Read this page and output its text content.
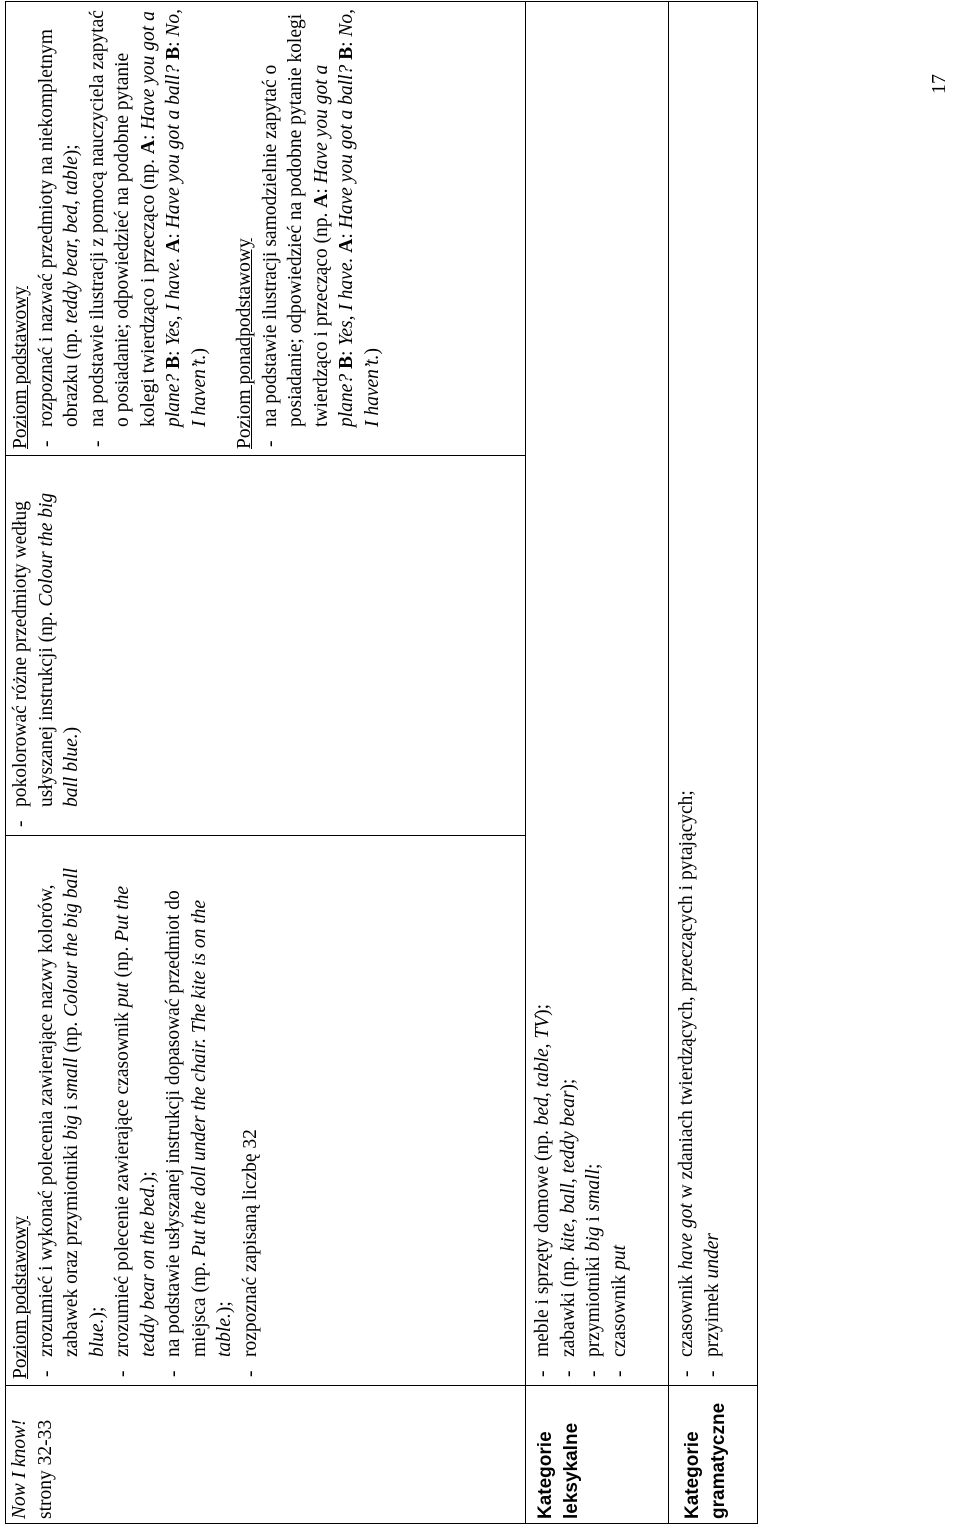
Now I know! strony 32-33
Poziom podstawowy - zrozumieć i wykonać polecenia zawierające nazwy kolorów, zabawek oraz przymiotniki big i small (np. Colour the big ball blue.); - zrozumieć polecenie zawierające czasownik put (np. Put the teddy bear on the bed.); - na podstawie usłyszanej instrukcji dopasować przedmiot do miejsca (np. Put the doll under the chair. The kite is on the table.); - rozpoznać zapisaną liczbę 32
- pokolorować różne przedmioty według usłyszanej instrukcji (np. Colour the big ball blue.)
Poziom podstawowy - rozpoznać i nazwać przedmioty na niekompletnym obrazku (np. teddy bear, bed, table); - na podstawie ilustracji z pomocą nauczyciela zapytać o posiadanie; odpowiedzieć na podobne pytanie kolegi twierdząco i przecząco (np. A: Have you got a plane? B: Yes, I have. A: Have you got a ball? B: No, I haven’t.) Poziom ponadpodstawowy - na podstawie ilustracji samodzielnie zapytać o posiadanie; odpowiedzieć na podobne pytanie kolegi twierdząco i przecząco (np. A: Have you got a plane? B: Yes, I have. A: Have you got a ball? B: No, I haven’t.)
Kategorie leksykalne
- meble i sprzęty domowe (np. bed, table, TV);
- zabawki (np. kite, ball, teddy bear);
- przymiotniki big i small;
- czasownik put
Kategorie gramatyczne
- czasownik have got w zdaniach twierdzących, przeczących i pytających;
- przyimek under
17
